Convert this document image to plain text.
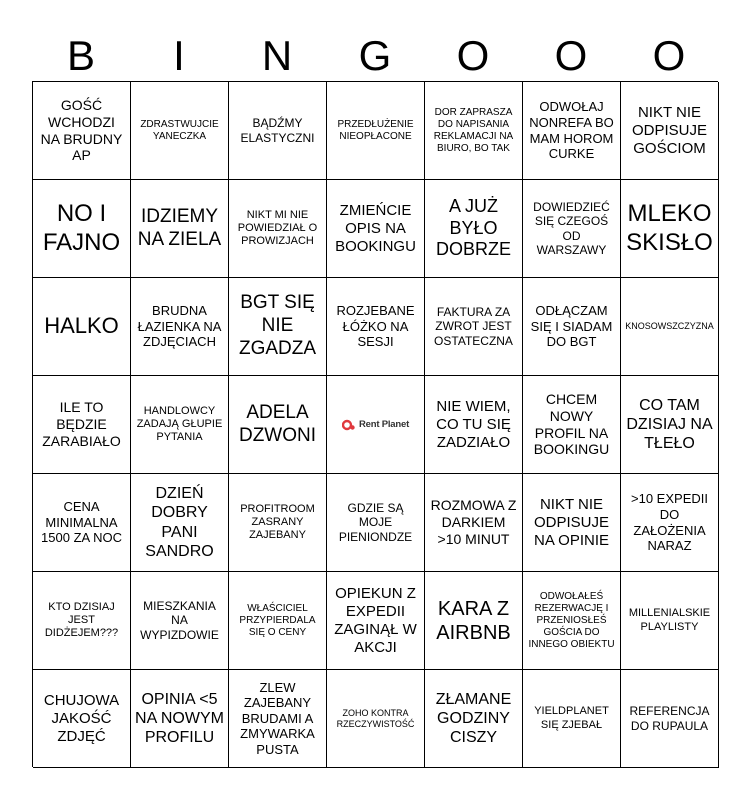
B	I	N	G	O	O	O
GOŚĆ WCHODZI NA BRUDNY AP
ZDRASTWUJCIE YANECZKA
BĄDŹMY ELASTYCZNI
PRZEDŁUŻENIE NIEOPŁACONE
DOR ZAPRASZA DO NAPISANIA REKLAMACJI NA BIURO, BO TAK
ODWOŁAJ NONREFA BO MAM HOROM CURKE
NIKT NIE ODPISUJE GOŚCIOM
NO I FAJNO
IDZIEMY NA ZIELA
NIKT MI NIE POWIEDZIAŁ O PROWIZJACH
ZMIEŃCIE OPIS NA BOOKINGU
A JUŻ BYŁO DOBRZE
DOWIEDZIEĆ SIĘ CZEGOŚ OD WARSZAWY
MLEKO SKISŁO
HALKO
BRUDNA ŁAZIENKA NA ZDJĘCIACH
BGT SIĘ NIE ZGADZA
ROZJEBANE ŁÓŻKO NA SESJI
FAKTURA ZA ZWROT JEST OSTATECZNA
ODŁĄCZAM SIĘ I SIADAM DO BGT
KNOSOWSZCZYZNA
ILE TO BĘDZIE ZARABIAŁO
HANDLOWCY ZADAJĄ GŁUPIE PYTANIA
ADELA DZWONI	Rent Planet
NIE WIEM, CO TU SIĘ ZADZIAŁO
CHCEM NOWY PROFIL NA BOOKINGU
CO TAM DZISIAJ NA TŁEŁO
CENA MINIMALNA 1500 ZA NOC
DZIEŃ DOBRY PANI SANDRO
PROFITROOM ZASRANY ZAJEBANY
GDZIE SĄ MOJE PIENIONDZE
ROZMOWA Z DARKIEM >10 MINUT
NIKT NIE ODPISUJE NA OPINIE
>10 EXPEDII DO ZAŁOŻENIA NARAZ
KTO DZISIAJ JEST DIDŻEJEM???
MIESZKANIA NA WYPIZDOWIE
WŁAŚCICIEL PRZYPIERDALA SIĘ O CENY
OPIEKUN Z EXPEDII ZAGINĄŁ W AKCJI
KARA Z AIRBNB
ODWOŁAŁEŚ REZERWACJĘ I PRZENIOSŁEŚ GOŚCIA DO INNEGO OBIEKTU
MILLENIALSKIE PLAYLISTY
CHUJOWA JAKOŚĆ ZDJĘĆ
OPINIA <5 NA NOWYM PROFILU
ZLEW ZAJEBANY BRUDAMI A ZMYWARKA PUSTA
ZOHO KONTRA RZECZYWISTOŚĆ
ZŁAMANE GODZINY CISZY
YIELDPLANET SIĘ ZJEBAŁ
REFERENCJA DO RUPAULA
